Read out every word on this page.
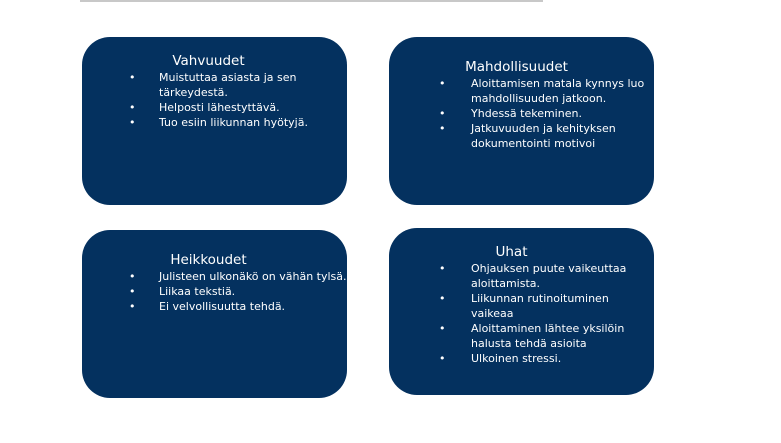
Vahvuudet
• Muistuttaa asiasta ja sen tärkeydestä.
• Helposti lähestyttävä.
• Tuo esiin liikunnan hyötyjä.
Mahdollisuudet
• Aloittamisen matala kynnys luo mahdollisuuden jatkoon.
• Yhdessä tekeminen.
• Jatkuvuuden ja kehityksen dokumentointi motivoi
Heikkoudet
• Julisteen ulkonäkö on vähän tylsä.
• Liikaa tekstiä.
• Ei velvollisuutta tehdä.
Uhat
• Ohjauksen puute vaikeuttaa aloittamista.
• Liikunnan rutinoituminen vaikeaa
• Aloittaminen lähtee yksilöin halusta tehdä asioita
• Ulkoinen stressi.
